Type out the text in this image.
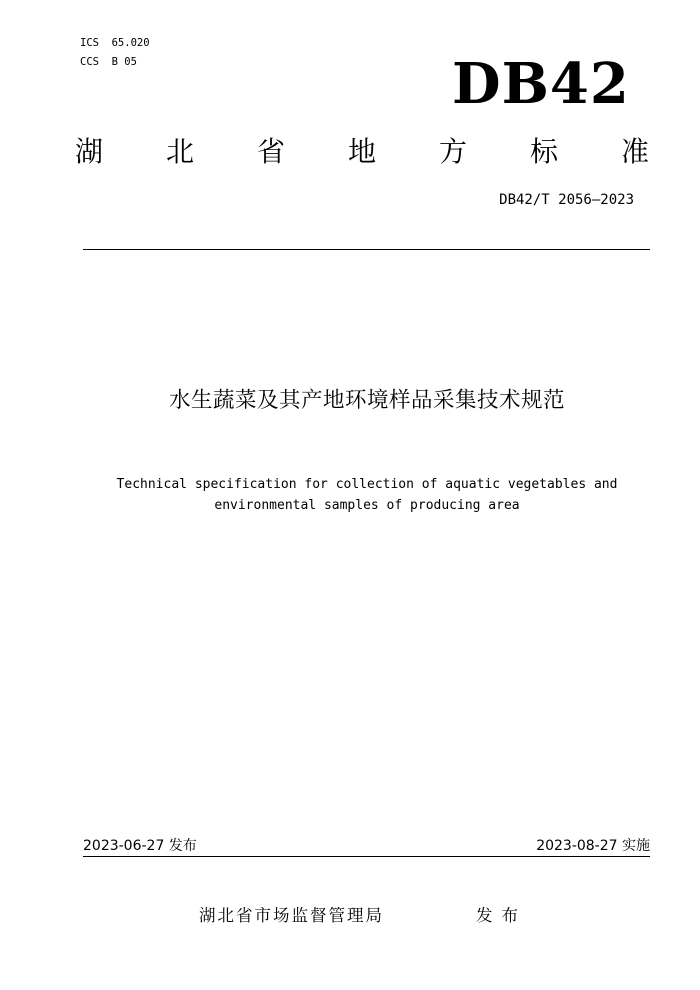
ICS  65.020
CCS  B 05	DB42
湖 北 省 地 方 标 准
DB42/T 2056—2023
水生蔬菜及其产地环境样品采集技术规范
Technical specification for collection of aquatic vegetables and
environmental samples of producing area
2023-06-27 发布	2023-08-27 实施
湖北省市场监督管理局	发布
